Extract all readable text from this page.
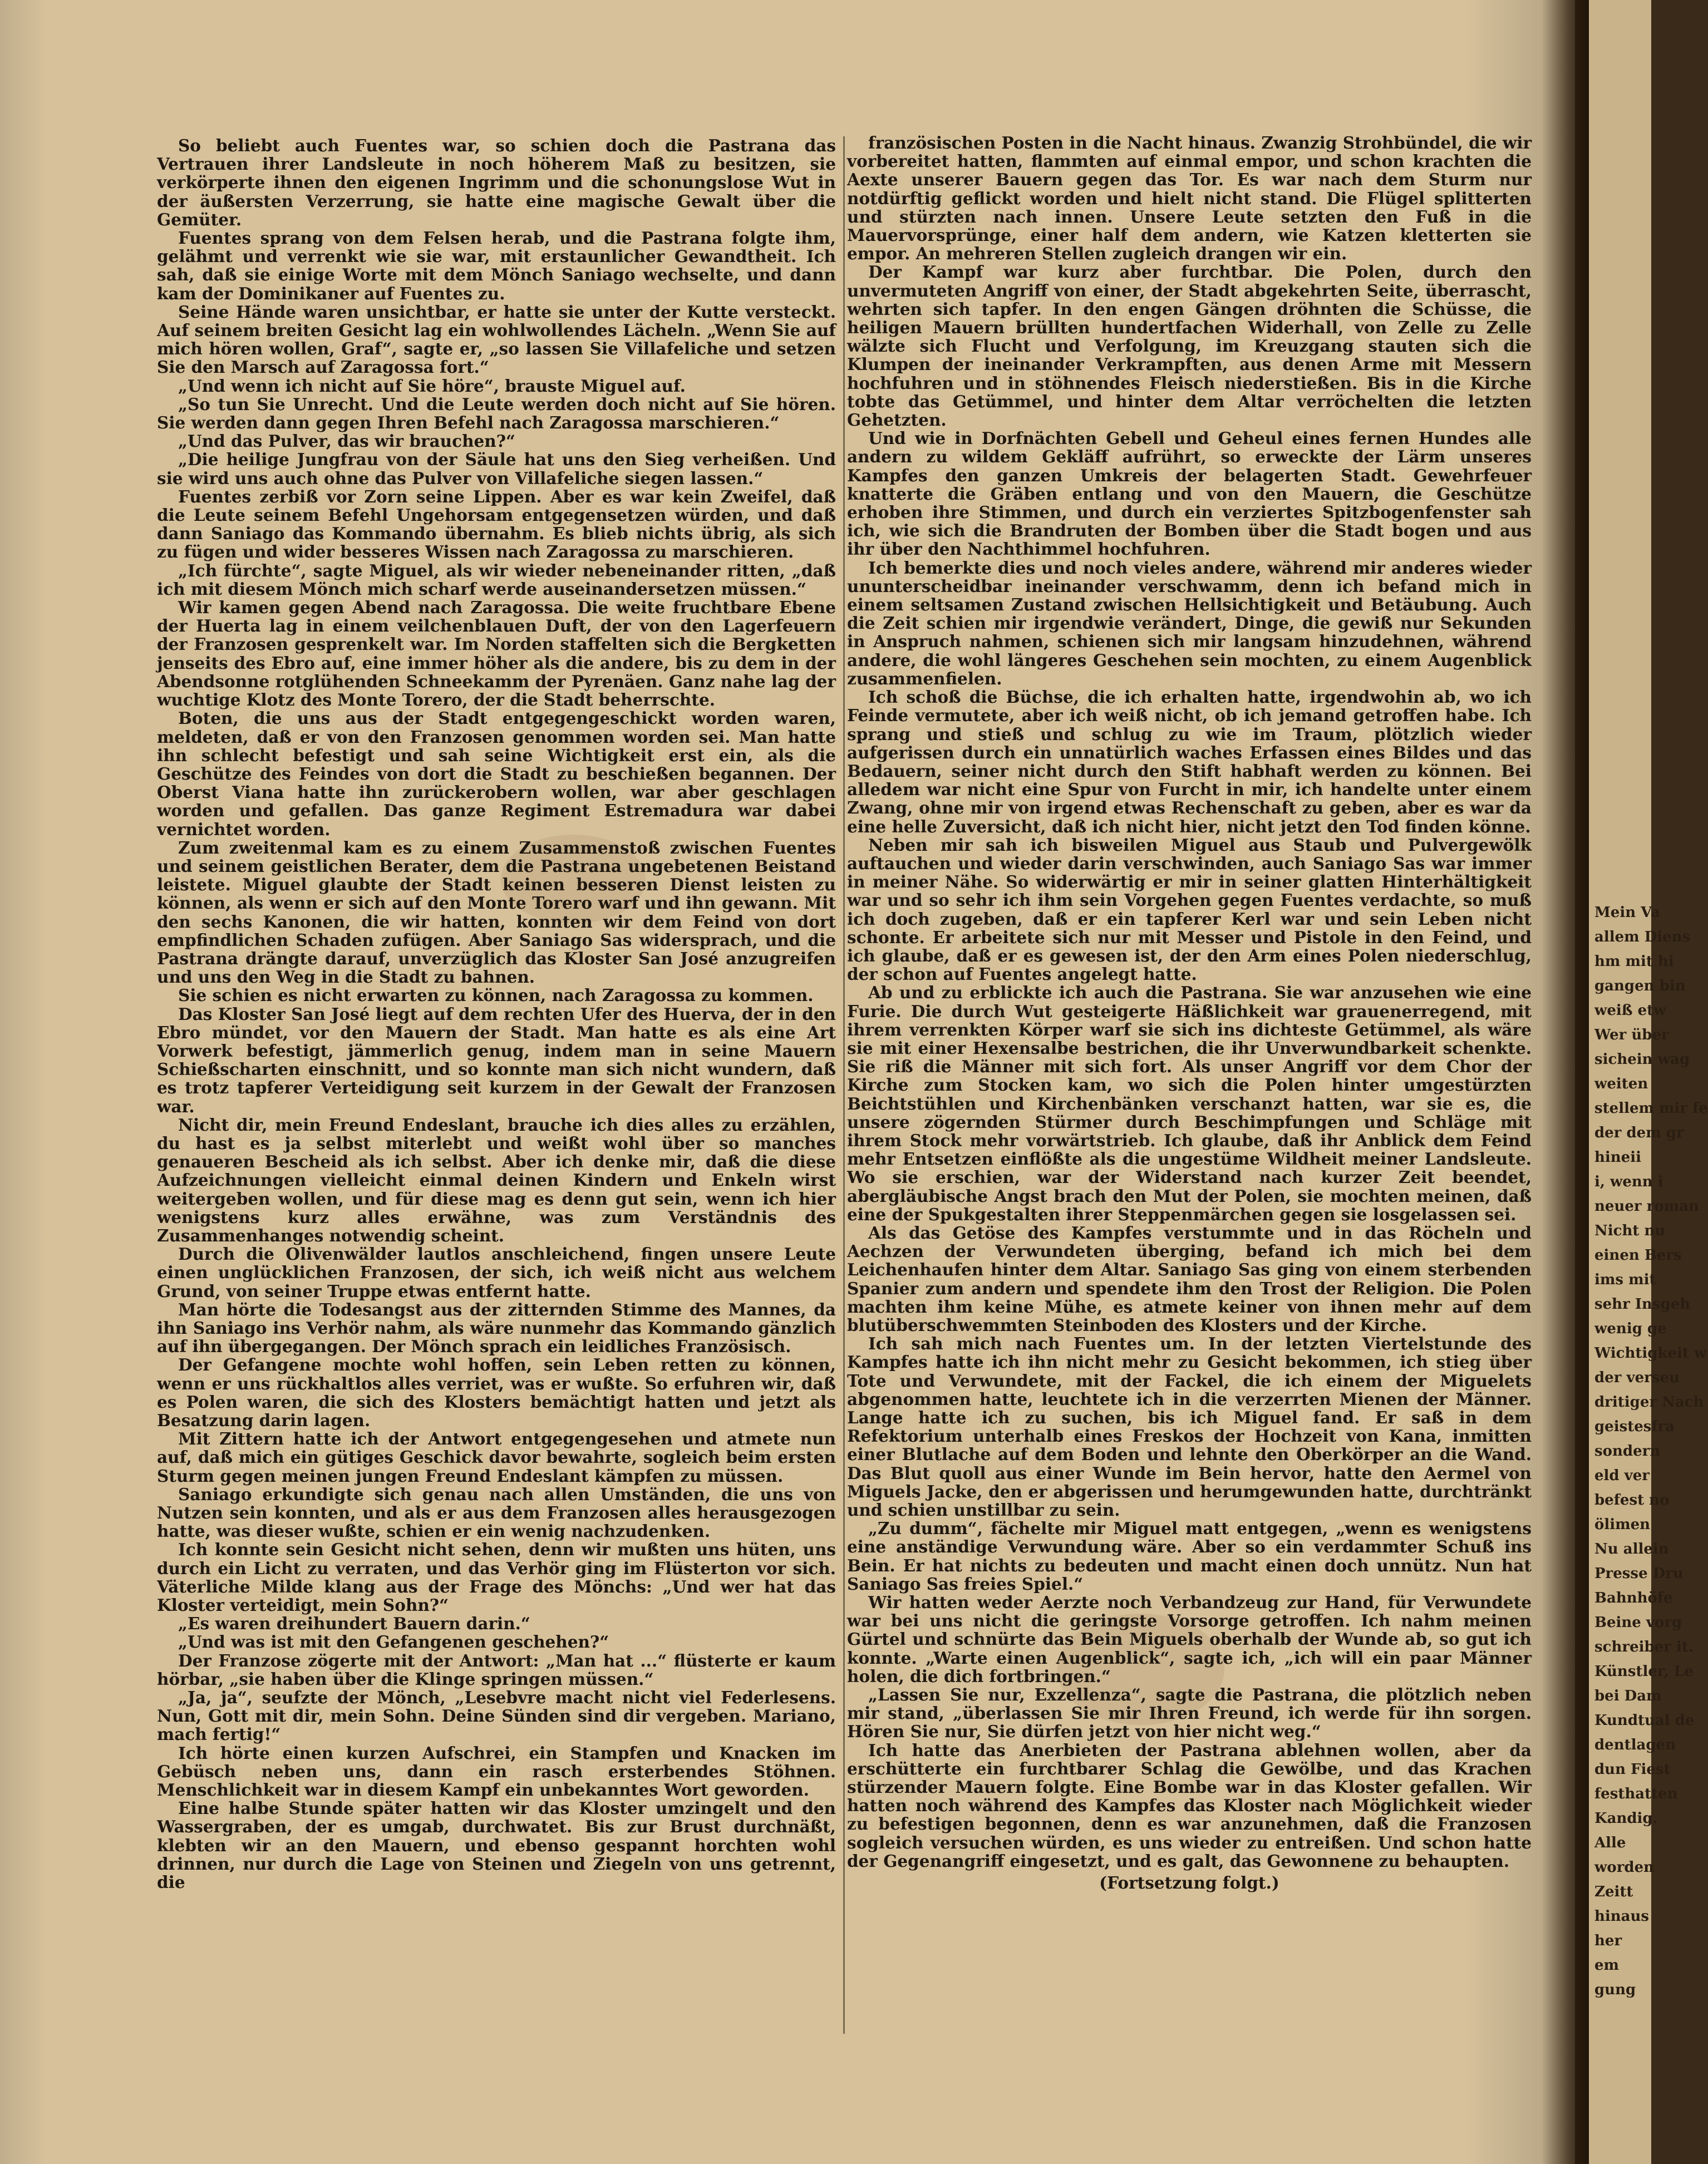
So beliebt auch Fuentes war, so schien doch die Pastrana das Vertrauen ihrer Landsleute in noch höherem Maß zu besitzen, sie verkörperte ihnen den eigenen Ingrimm und die schonungslose Wut in der äußersten Verzerrung, sie hatte eine magische Gewalt über die Gemüter.

Fuentes sprang von dem Felsen herab, und die Pastrana folgte ihm, gelähmt und verrenkt wie sie war, mit erstaunlicher Gewandtheit. Ich sah, daß sie einige Worte mit dem Mönch Saniago wechselte, und dann kam der Dominikaner auf Fuentes zu.

Seine Hände waren unsichtbar, er hatte sie unter der Kutte versteckt. Auf seinem breiten Gesicht lag ein wohlwollendes Lächeln. „Wenn Sie auf mich hören wollen, Graf“, sagte er, „so lassen Sie Villafeliche und setzen Sie den Marsch auf Zaragossa fort.“

„Und wenn ich nicht auf Sie höre“, brauste Miguel auf.

„So tun Sie Unrecht. Und die Leute werden doch nicht auf Sie hören. Sie werden dann gegen Ihren Befehl nach Zaragossa marschieren.“

„Und das Pulver, das wir brauchen?“

„Die heilige Jungfrau von der Säule hat uns den Sieg verheißen. Und sie wird uns auch ohne das Pulver von Villafeliche siegen lassen.“

Fuentes zerbiß vor Zorn seine Lippen. Aber es war kein Zweifel, daß die Leute seinem Befehl Ungehorsam entgegensetzen würden, und daß dann Saniago das Kommando übernahm. Es blieb nichts übrig, als sich zu fügen und wider besseres Wissen nach Zaragossa zu marschieren.

„Ich fürchte“, sagte Miguel, als wir wieder nebeneinander ritten, „daß ich mit diesem Mönch mich scharf werde auseinandersetzen müssen.“

Wir kamen gegen Abend nach Zaragossa. Die weite fruchtbare Ebene der Huerta lag in einem veilchenblauen Duft, der von den Lagerfeuern der Franzosen gesprenkelt war. Im Norden staffelten sich die Bergketten jenseits des Ebro auf, eine immer höher als die andere, bis zu dem in der Abendsonne rotglühenden Schneekamm der Pyrenäen. Ganz nahe lag der wuchtige Klotz des Monte Torero, der die Stadt beherrschte.

Boten, die uns aus der Stadt entgegengeschickt worden waren, meldeten, daß er von den Franzosen genommen worden sei. Man hatte ihn schlecht befestigt und sah seine Wichtigkeit erst ein, als die Geschütze des Feindes von dort die Stadt zu beschießen begannen. Der Oberst Viana hatte ihn zurückerobern wollen, war aber geschlagen worden und gefallen. Das ganze Regiment Estremadura war dabei vernichtet worden.

Zum zweitenmal kam es zu einem Zusammenstoß zwischen Fuentes und seinem geistlichen Berater, dem die Pastrana ungebetenen Beistand leistete. Miguel glaubte der Stadt keinen besseren Dienst leisten zu können, als wenn er sich auf den Monte Torero warf und ihn gewann. Mit den sechs Kanonen, die wir hatten, konnten wir dem Feind von dort empfindlichen Schaden zufügen. Aber Saniago Sas widersprach, und die Pastrana drängte darauf, unverzüglich das Kloster San José anzugreifen und uns den Weg in die Stadt zu bahnen.

Sie schien es nicht erwarten zu können, nach Zaragossa zu kommen.

Das Kloster San José liegt auf dem rechten Ufer des Huerva, der in den Ebro mündet, vor den Mauern der Stadt. Man hatte es als eine Art Vorwerk befestigt, jämmerlich genug, indem man in seine Mauern Schießscharten einschnitt, und so konnte man sich nicht wundern, daß es trotz tapferer Verteidigung seit kurzem in der Gewalt der Franzosen war.

Nicht dir, mein Freund Endeslant, brauche ich dies alles zu erzählen, du hast es ja selbst miterlebt und weißt wohl über so manches genaueren Bescheid als ich selbst. Aber ich denke mir, daß die diese Aufzeichnungen vielleicht einmal deinen Kindern und Enkeln wirst weitergeben wollen, und für diese mag es denn gut sein, wenn ich hier wenigstens kurz alles erwähne, was zum Verständnis des Zusammenhanges notwendig scheint.

Durch die Olivenwälder lautlos anschleichend, fingen unsere Leute einen unglücklichen Franzosen, der sich, ich weiß nicht aus welchem Grund, von seiner Truppe etwas entfernt hatte.

Man hörte die Todesangst aus der zitternden Stimme des Mannes, da ihn Saniago ins Verhör nahm, als wäre nunmehr das Kommando gänzlich auf ihn übergegangen. Der Mönch sprach ein leidliches Französisch.

Der Gefangene mochte wohl hoffen, sein Leben retten zu können, wenn er uns rückhaltlos alles verriet, was er wußte. So erfuhren wir, daß es Polen waren, die sich des Klosters bemächtigt hatten und jetzt als Besatzung darin lagen.

Mit Zittern hatte ich der Antwort entgegengesehen und atmete nun auf, daß mich ein gütiges Geschick davor bewahrte, sogleich beim ersten Sturm gegen meinen jungen Freund Endeslant kämpfen zu müssen.

Saniago erkundigte sich genau nach allen Umständen, die uns von Nutzen sein konnten, und als er aus dem Franzosen alles herausgezogen hatte, was dieser wußte, schien er ein wenig nachzudenken.

Ich konnte sein Gesicht nicht sehen, denn wir mußten uns hüten, uns durch ein Licht zu verraten, und das Verhör ging im Flüsterton vor sich. Väterliche Milde klang aus der Frage des Mönchs: „Und wer hat das Kloster verteidigt, mein Sohn?“

„Es waren dreihundert Bauern darin.“

„Und was ist mit den Gefangenen geschehen?“

Der Franzose zögerte mit der Antwort: „Man hat ...“ flüsterte er kaum hörbar, „sie haben über die Klinge springen müssen.“

„Ja, ja“, seufzte der Mönch, „Lesebvre macht nicht viel Federlesens. Nun, Gott mit dir, mein Sohn. Deine Sünden sind dir vergeben. Mariano, mach fertig!“

Ich hörte einen kurzen Aufschrei, ein Stampfen und Knacken im Gebüsch neben uns, dann ein rasch ersterbendes Stöhnen. Menschlichkeit war in diesem Kampf ein unbekanntes Wort geworden.

Eine halbe Stunde später hatten wir das Kloster umzingelt und den Wassergraben, der es umgab, durchwatet. Bis zur Brust durchnäßt, klebten wir an den Mauern, und ebenso gespannt horchten wohl drinnen, nur durch die Lage von Steinen und Ziegeln von uns getrennt, die

französischen Posten in die Nacht hinaus. Zwanzig Strohbündel, die wir vorbereitet hatten, flammten auf einmal empor, und schon krachten die Aexte unserer Bauern gegen das Tor. Es war nach dem Sturm nur notdürftig geflickt worden und hielt nicht stand. Die Flügel splitterten und stürzten nach innen. Unsere Leute setzten den Fuß in die Mauervorsprünge, einer half dem andern, wie Katzen kletterten sie empor. An mehreren Stellen zugleich drangen wir ein.

Der Kampf war kurz aber furchtbar. Die Polen, durch den unvermuteten Angriff von einer, der Stadt abgekehrten Seite, überrascht, wehrten sich tapfer. In den engen Gängen dröhnten die Schüsse, die heiligen Mauern brüllten hundertfachen Widerhall, von Zelle zu Zelle wälzte sich Flucht und Verfolgung, im Kreuzgang stauten sich die Klumpen der ineinander Verkrampften, aus denen Arme mit Messern hochfuhren und in stöhnendes Fleisch niederstießen. Bis in die Kirche tobte das Getümmel, und hinter dem Altar verröchelten die letzten Gehetzten.

Und wie in Dorfnächten Gebell und Geheul eines fernen Hundes alle andern zu wildem Gekläff aufrührt, so erweckte der Lärm unseres Kampfes den ganzen Umkreis der belagerten Stadt. Gewehrfeuer knatterte die Gräben entlang und von den Mauern, die Geschütze erhoben ihre Stimmen, und durch ein verziertes Spitzbogenfenster sah ich, wie sich die Brandruten der Bomben über die Stadt bogen und aus ihr über den Nachthimmel hochfuhren.

Ich bemerkte dies und noch vieles andere, während mir anderes wieder ununterscheidbar ineinander verschwamm, denn ich befand mich in einem seltsamen Zustand zwischen Hellsichtigkeit und Betäubung. Auch die Zeit schien mir irgendwie verändert, Dinge, die gewiß nur Sekunden in Anspruch nahmen, schienen sich mir langsam hinzudehnen, während andere, die wohl längeres Geschehen sein mochten, zu einem Augenblick zusammenfielen.

Ich schoß die Büchse, die ich erhalten hatte, irgendwohin ab, wo ich Feinde vermutete, aber ich weiß nicht, ob ich jemand getroffen habe. Ich sprang und stieß und schlug zu wie im Traum, plötzlich wieder aufgerissen durch ein unnatürlich waches Erfassen eines Bildes und das Bedauern, seiner nicht durch den Stift habhaft werden zu können. Bei alledem war nicht eine Spur von Furcht in mir, ich handelte unter einem Zwang, ohne mir von irgend etwas Rechenschaft zu geben, aber es war da eine helle Zuversicht, daß ich nicht hier, nicht jetzt den Tod finden könne.

Neben mir sah ich bisweilen Miguel aus Staub und Pulvergewölk auftauchen und wieder darin verschwinden, auch Saniago Sas war immer in meiner Nähe. So widerwärtig er mir in seiner glatten Hinterhältigkeit war und so sehr ich ihm sein Vorgehen gegen Fuentes verdachte, so muß ich doch zugeben, daß er ein tapferer Kerl war und sein Leben nicht schonte. Er arbeitete sich nur mit Messer und Pistole in den Feind, und ich glaube, daß er es gewesen ist, der den Arm eines Polen niederschlug, der schon auf Fuentes angelegt hatte.

Ab und zu erblickte ich auch die Pastrana. Sie war anzusehen wie eine Furie. Die durch Wut gesteigerte Häßlichkeit war grauenerregend, mit ihrem verrenkten Körper warf sie sich ins dichteste Getümmel, als wäre sie mit einer Hexensalbe bestrichen, die ihr Unverwundbarkeit schenkte. Sie riß die Männer mit sich fort. Als unser Angriff vor dem Chor der Kirche zum Stocken kam, wo sich die Polen hinter umgestürzten Beichtstühlen und Kirchenbänken verschanzt hatten, war sie es, die unsere zögernden Stürmer durch Beschimpfungen und Schläge mit ihrem Stock mehr vorwärtstrieb. Ich glaube, daß ihr Anblick dem Feind mehr Entsetzen einflößte als die ungestüme Wildheit meiner Landsleute. Wo sie erschien, war der Widerstand nach kurzer Zeit beendet, abergläubische Angst brach den Mut der Polen, sie mochten meinen, daß eine der Spukgestalten ihrer Steppenmärchen gegen sie losgelassen sei.

Als das Getöse des Kampfes verstummte und in das Röcheln und Aechzen der Verwundeten überging, befand ich mich bei dem Leichenhaufen hinter dem Altar. Saniago Sas ging von einem sterbenden Spanier zum andern und spendete ihm den Trost der Religion. Die Polen machten ihm keine Mühe, es atmete keiner von ihnen mehr auf dem blutüberschwemmten Steinboden des Klosters und der Kirche.

Ich sah mich nach Fuentes um. In der letzten Viertelstunde des Kampfes hatte ich ihn nicht mehr zu Gesicht bekommen, ich stieg über Tote und Verwundete, mit der Fackel, die ich einem der Miguelets abgenommen hatte, leuchtete ich in die verzerrten Mienen der Männer. Lange hatte ich zu suchen, bis ich Miguel fand. Er saß in dem Refektorium unterhalb eines Freskos der Hochzeit von Kana, inmitten einer Blutlache auf dem Boden und lehnte den Oberkörper an die Wand. Das Blut quoll aus einer Wunde im Bein hervor, hatte den Aermel von Miguels Jacke, den er abgerissen und herumgewunden hatte, durchtränkt und schien unstillbar zu sein.

„Zu dumm“, fächelte mir Miguel matt entgegen, „wenn es wenigstens eine anständige Verwundung wäre. Aber so ein verdammter Schuß ins Bein. Er hat nichts zu bedeuten und macht einen doch unnütz. Nun hat Saniago Sas freies Spiel.“

Wir hatten weder Aerzte noch Verbandzeug zur Hand, für Verwundete war bei uns nicht die geringste Vorsorge getroffen. Ich nahm meinen Gürtel und schnürte das Bein Miguels oberhalb der Wunde ab, so gut ich konnte. „Warte einen Augenblick“, sagte ich, „ich will ein paar Männer holen, die dich fortbringen.“

„Lassen Sie nur, Exzellenza“, sagte die Pastrana, die plötzlich neben mir stand, „überlassen Sie mir Ihren Freund, ich werde für ihn sorgen. Hören Sie nur, Sie dürfen jetzt von hier nicht weg.“

Ich hatte das Anerbieten der Pastrana ablehnen wollen, aber da erschütterte ein furchtbarer Schlag die Gewölbe, und das Krachen stürzender Mauern folgte. Eine Bombe war in das Kloster gefallen. Wir hatten noch während des Kampfes das Kloster nach Möglichkeit wieder zu befestigen begonnen, denn es war anzunehmen, daß die Franzosen sogleich versuchen würden, es uns wieder zu entreißen. Und schon hatte der Gegenangriff eingesetzt, und es galt, das Gewonnene zu behaupten.

(Fortsetzung folgt.)

Mein Va
allem Diens
hm mit hi
gangen bin
weiß etw
Wer über
sichein wag
weiten
stellem mir fe
der dem gr
hineii
i, wenn i
neuer roman
Nicht nu
einen Bers
ims mit
sehr Insgeh
wenig ge
Wichtigkeit w
der verseu
dritiger Nach
geistesfra
sondern
eld ver
befest no
ölimen
Nu allein
Presse Dru
Bahnhöfe
Beine vorg
schreiber it.
Künstler, Le
bei Dam
Kundtual de
dentlagen
dun Fiest
festhatten
Kandig.
Alle
worden
Zeitt
hinaus
her
em
gung
